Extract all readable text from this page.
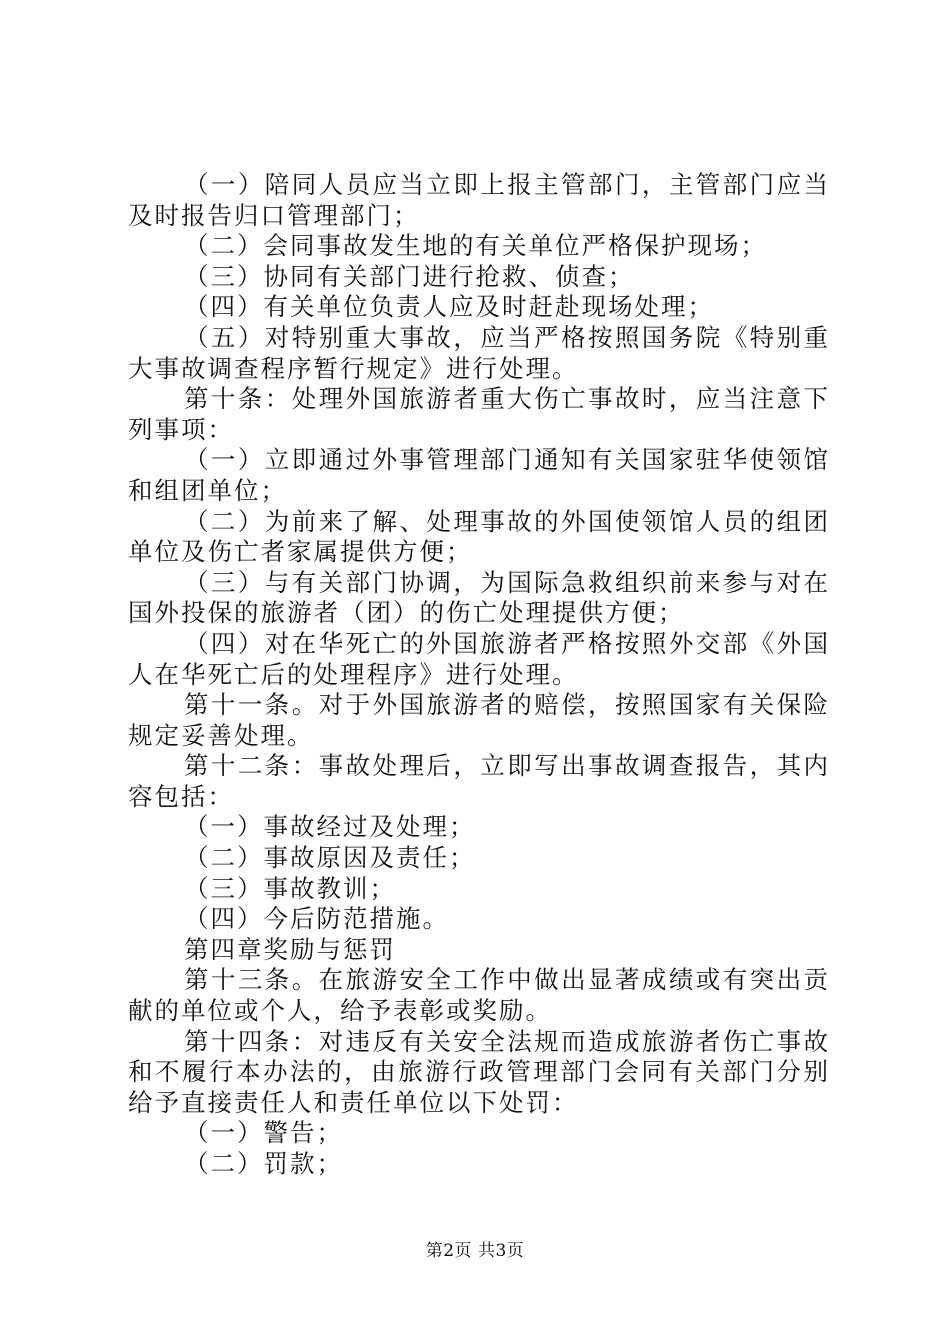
（一）陪同人员应当立即上报主管部门，主管部门应当及时报告归口管理部门；

（二）会同事故发生地的有关单位严格保护现场；

（三）协同有关部门进行抢救、侦查；

（四）有关单位负责人应及时赶赴现场处理；

（五）对特别重大事故，应当严格按照国务院《特别重大事故调查程序暂行规定》进行处理。

第十条：处理外国旅游者重大伤亡事故时，应当注意下列事项：

（一）立即通过外事管理部门通知有关国家驻华使领馆和组团单位；

（二）为前来了解、处理事故的外国使领馆人员的组团单位及伤亡者家属提供方便；

（三）与有关部门协调，为国际急救组织前来参与对在国外投保的旅游者（团）的伤亡处理提供方便；

（四）对在华死亡的外国旅游者严格按照外交部《外国人在华死亡后的处理程序》进行处理。

第十一条。对于外国旅游者的赔偿，按照国家有关保险规定妥善处理。

第十二条：事故处理后，立即写出事故调查报告，其内容包括：

（一）事故经过及处理；

（二）事故原因及责任；

（三）事故教训；

（四）今后防范措施。

第四章奖励与惩罚

第十三条。在旅游安全工作中做出显著成绩或有突出贡献的单位或个人，给予表彰或奖励。

第十四条：对违反有关安全法规而造成旅游者伤亡事故和不履行本办法的，由旅游行政管理部门会同有关部门分别给予直接责任人和责任单位以下处罚：

（一）警告；

（二）罚款；

第2页 共3页
